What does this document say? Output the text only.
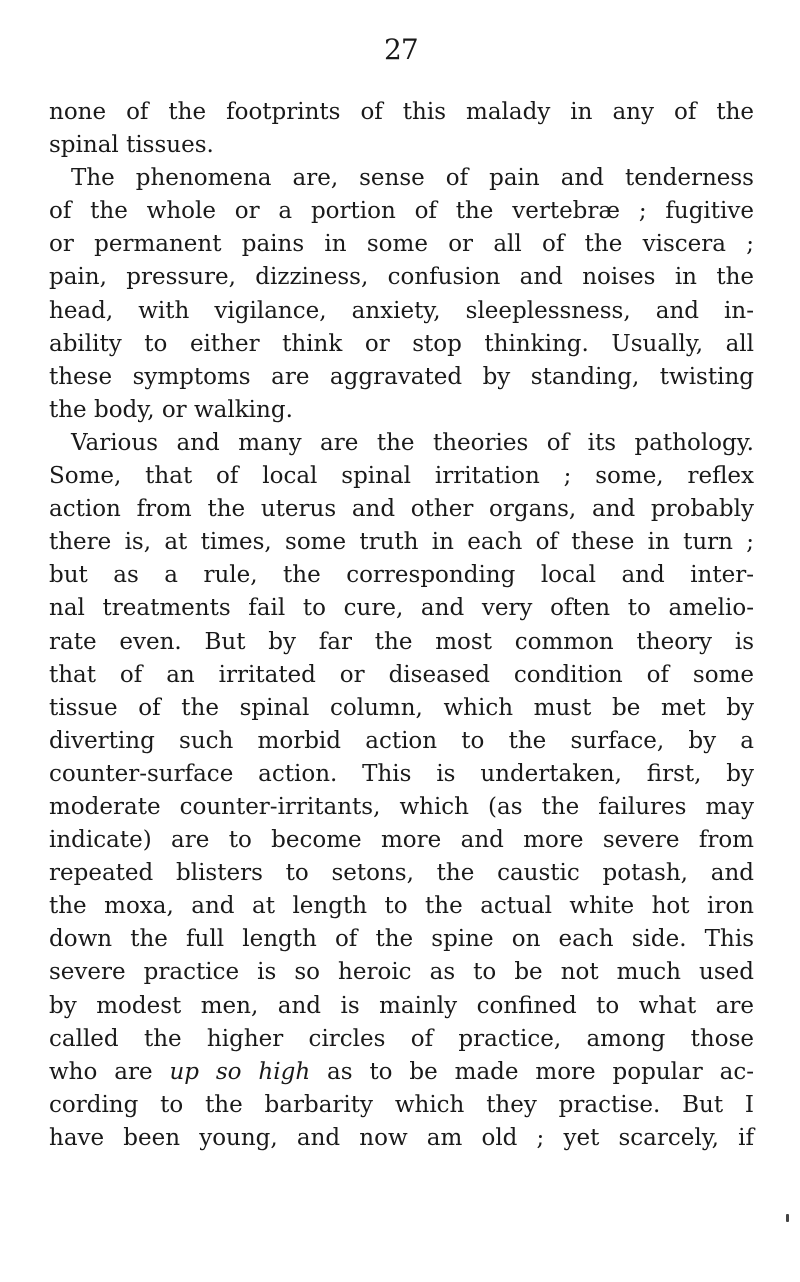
27
none of the footprints of this malady in any of the
spinal tissues.
The phenomena are, sense of pain and tenderness
of the whole or a portion of the vertebræ ; fugitive
or permanent pains in some or all of the viscera ;
pain, pressure, dizziness, confusion and noises in the
head, with vigilance, anxiety, sleeplessness, and in-
ability to either think or stop thinking. Usually, all
these symptoms are aggravated by standing, twisting
the body, or walking.
Various and many are the theories of its pathology.
Some, that of local spinal irritation ; some, reflex
action from the uterus and other organs, and probably
there is, at times, some truth in each of these in turn ;
but as a rule, the corresponding local and inter-
nal treatments fail to cure, and very often to amelio-
rate even. But by far the most common theory is
that of an irritated or diseased condition of some
tissue of the spinal column, which must be met by
diverting such morbid action to the surface, by a
counter-surface action. This is undertaken, first, by
moderate counter-irritants, which (as the failures may
indicate) are to become more and more severe from
repeated blisters to setons, the caustic potash, and
the moxa, and at length to the actual white hot iron
down the full length of the spine on each side. This
severe practice is so heroic as to be not much used
by modest men, and is mainly confined to what are
called the higher circles of practice, among those
who are up so high as to be made more popular ac-
cording to the barbarity which they practise. But I
have been young, and now am old ; yet scarcely, if
